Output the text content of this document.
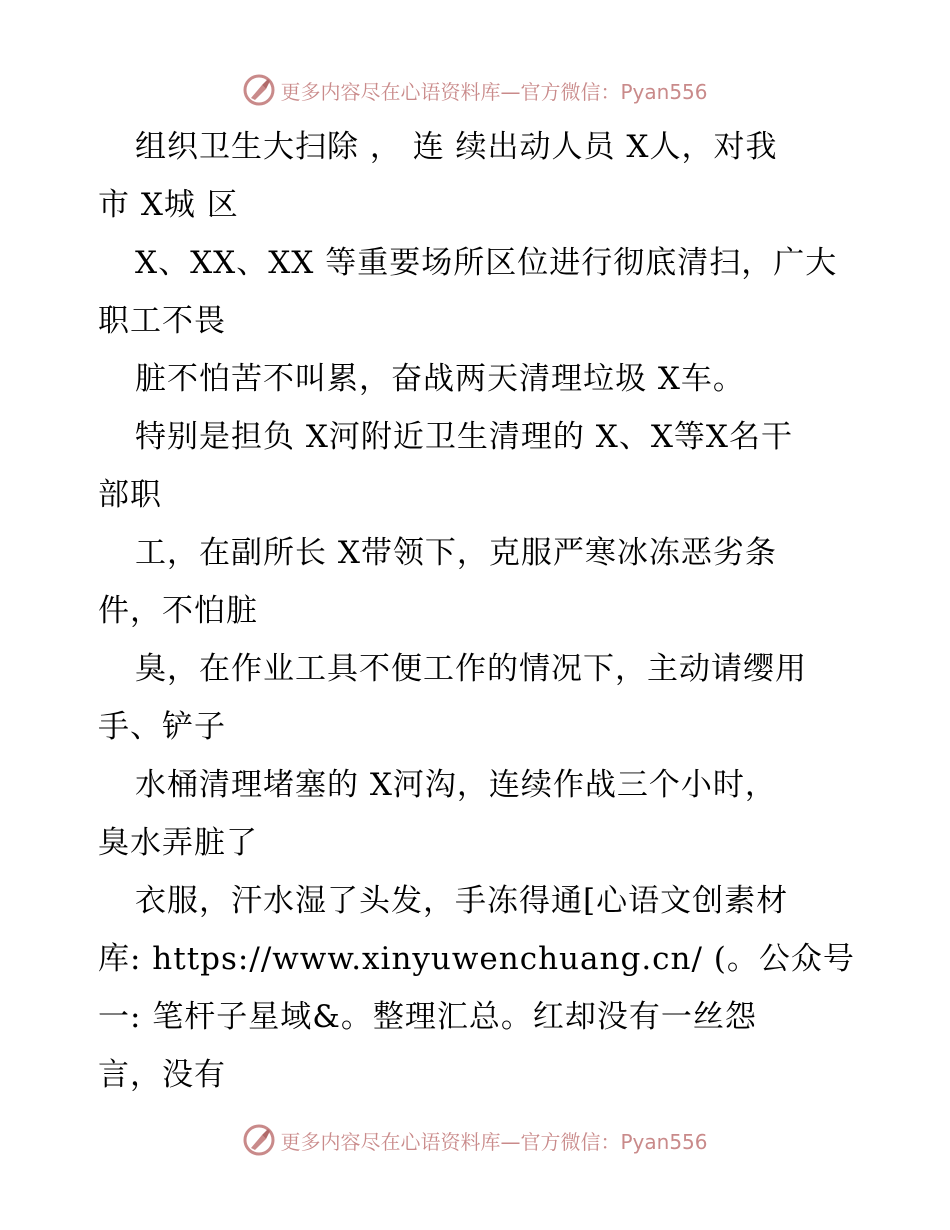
更多内容尽在心语资料库—官方微信：Pyan556
组织卫生大扫除 ， 连 续出动人员 X人，对我
市 X城 区
X、XX、XX 等重要场所区位进行彻底清扫，广大
职工不畏
脏不怕苦不叫累，奋战两天清理垃圾 X车。
特别是担负 X河附近卫生清理的 X、X等X名干
部职
工，在副所长 X带领下，克服严寒冰冻恶劣条
件，不怕脏
臭，在作业工具不便工作的情况下，主动请缨用
手、铲子
水桶清理堵塞的 X河沟，连续作战三个小时，
臭水弄脏了
衣服，汗水湿了头发，手冻得通[心语文创素材
库: https://www.xinyuwenchuang.cn/ (。公众号
一: 笔杆子星域&。整理汇总。红却没有一丝怨
言，没有
更多内容尽在心语资料库—官方微信：Pyan556
